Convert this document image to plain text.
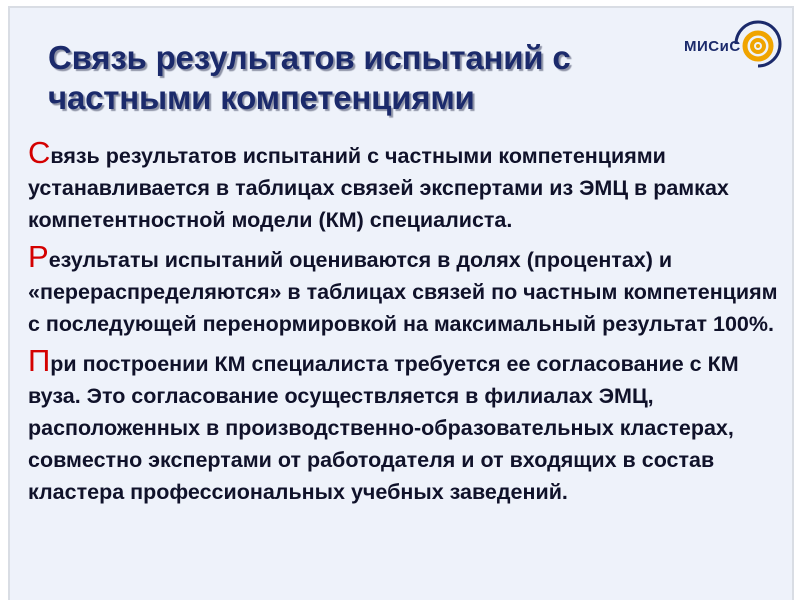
Связь результатов испытаний с частными компетенциями
МИСиС

Связь результатов испытаний с частными компетенциями устанавливается в таблицах связей экспертами из ЭМЦ в рамках компетентностной модели (КМ) специалиста.

Результаты испытаний оцениваются в долях (процентах) и «перераспределяются» в таблицах связей по частным компетенциям с последующей перенормировкой на максимальный результат 100%.

При построении КМ специалиста требуется ее согласование с КМ вуза. Это согласование осуществляется в филиалах ЭМЦ, расположенных в производственно-образовательных кластерах, совместно экспертами от работодателя и от входящих в состав кластера профессиональных учебных заведений.
